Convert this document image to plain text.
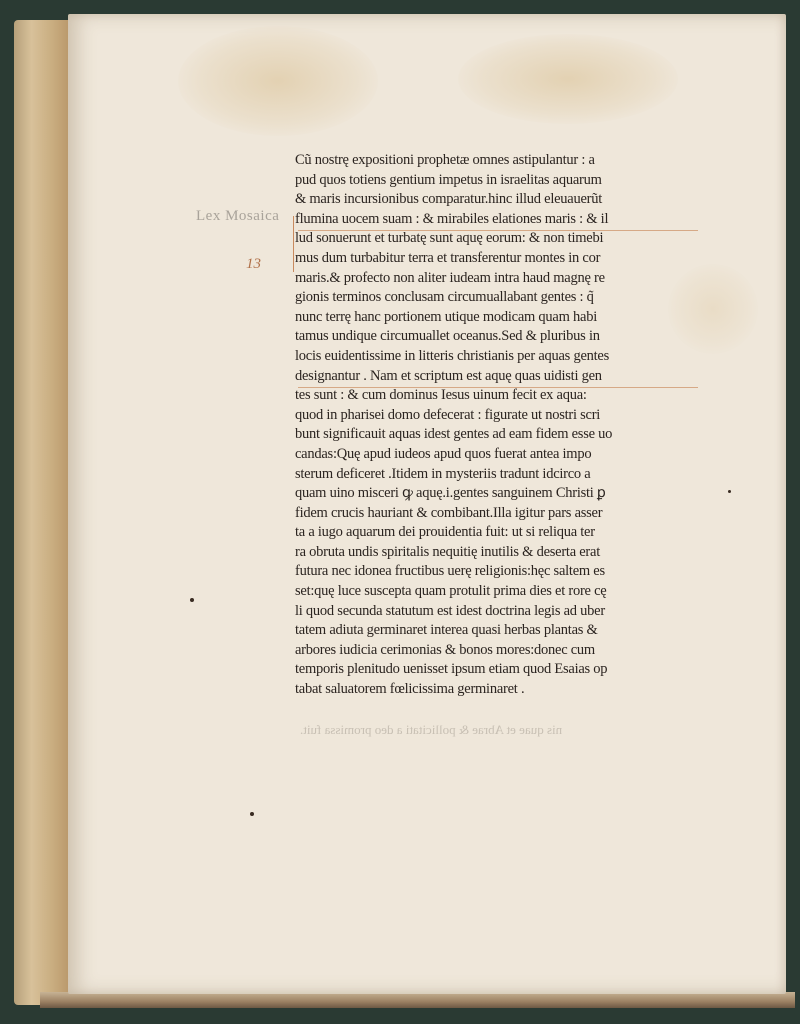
Lex Mosaica
13
nis quae et Abrae & pollicitati a deo promissa fuit.
Cũ nostrę expositioni prophetæ omnes astipulantur : a
pud quos totiens gentium impetus in israelitas aquarum
& maris incursionibus comparatur.hinc illud eleuauerũt
flumina uocem suam : & mirabiles elationes maris : & il
lud sonuerunt et turbatę sunt aquę eorum: & non timebi
mus dum turbabitur terra et transferentur montes in cor
maris.& profecto non aliter iudeam intra haud magnę re
gionis terminos conclusam circumuallabant gentes : q̃
nunc terrę hanc portionem utique modicam quam habi
tamus undique circumuallet oceanus.Sed & pluribus in
locis euidentissime in litteris christianis per aquas gentes
designantur . Nam et scriptum est aquę quas uidisti gen
tes sunt : & cum dominus Iesus uinum fecit ex aqua:
quod in pharisei domo defecerat : figurate ut nostri scri
bunt significauit aquas idest gentes ad eam fidem esse uo
candas:Quę apud iudeos apud quos fuerat antea impo
sterum deficeret .Itidem in mysteriis tradunt idcirco a
quam uino misceri ꝙ aquę.i.gentes sanguinem Christi ꝑ
fidem crucis hauriant & combibant.Illa igitur pars asser
ta a iugo aquarum dei prouidentia fuit: ut si reliqua ter
ra obruta undis spiritalis nequitię inutilis & deserta erat
futura nec idonea fructibus uerę religionis:hęc saltem es
set:quę luce suscepta quam protulit prima dies et rore cę
li quod secunda statutum est idest doctrina legis ad uber
tatem adiuta germinaret interea quasi herbas plantas &
arbores iudicia cerimonias & bonos mores:donec cum
temporis plenitudo uenisset ipsum etiam quod Esaias op
tabat saluatorem fœlicissima germinaret .
